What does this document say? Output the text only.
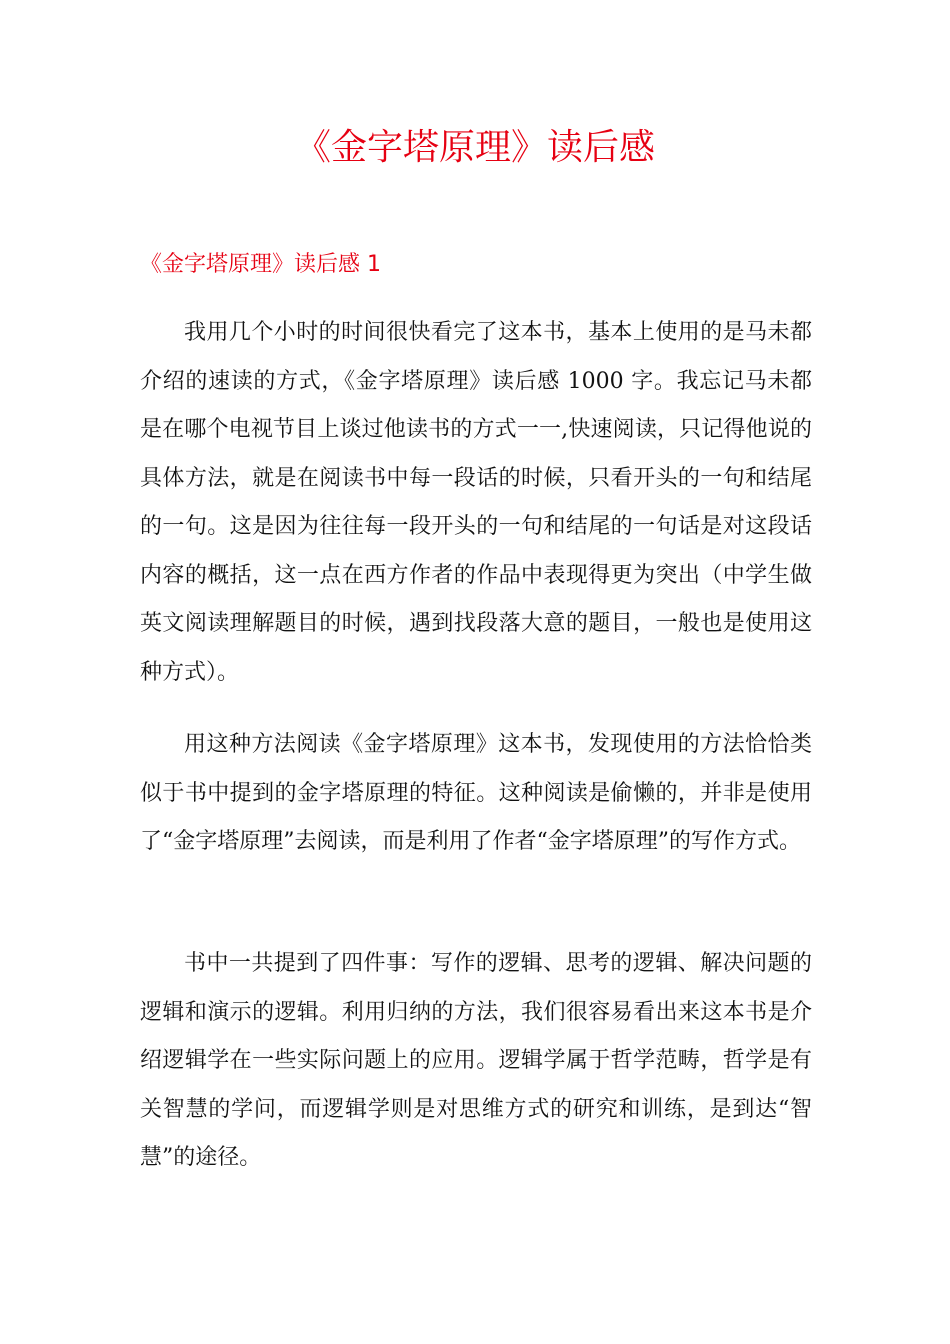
《金字塔原理》读后感
《金字塔原理》读后感 1

我用几个小时的时间很快看完了这本书，基本上使用的是马未都介绍的速读的方式，《金字塔原理》读后感 1000 字。我忘记马未都是在哪个电视节目上谈过他读书的方式一一,快速阅读，只记得他说的具体方法，就是在阅读书中每一段话的时候，只看开头的一句和结尾的一句。这是因为往往每一段开头的一句和结尾的一句话是对这段话内容的概括，这一点在西方作者的作品中表现得更为突出（中学生做英文阅读理解题目的时候，遇到找段落大意的题目，一般也是使用这种方式）。

用这种方法阅读《金字塔原理》这本书，发现使用的方法恰恰类似于书中提到的金字塔原理的特征。这种阅读是偷懒的，并非是使用了“金字塔原理”去阅读，而是利用了作者“金字塔原理”的写作方式。

书中一共提到了四件事：写作的逻辑、思考的逻辑、解决问题的逻辑和演示的逻辑。利用归纳的方法，我们很容易看出来这本书是介绍逻辑学在一些实际问题上的应用。逻辑学属于哲学范畴，哲学是有关智慧的学问，而逻辑学则是对思维方式的研究和训练，是到达“智慧”的途径。
